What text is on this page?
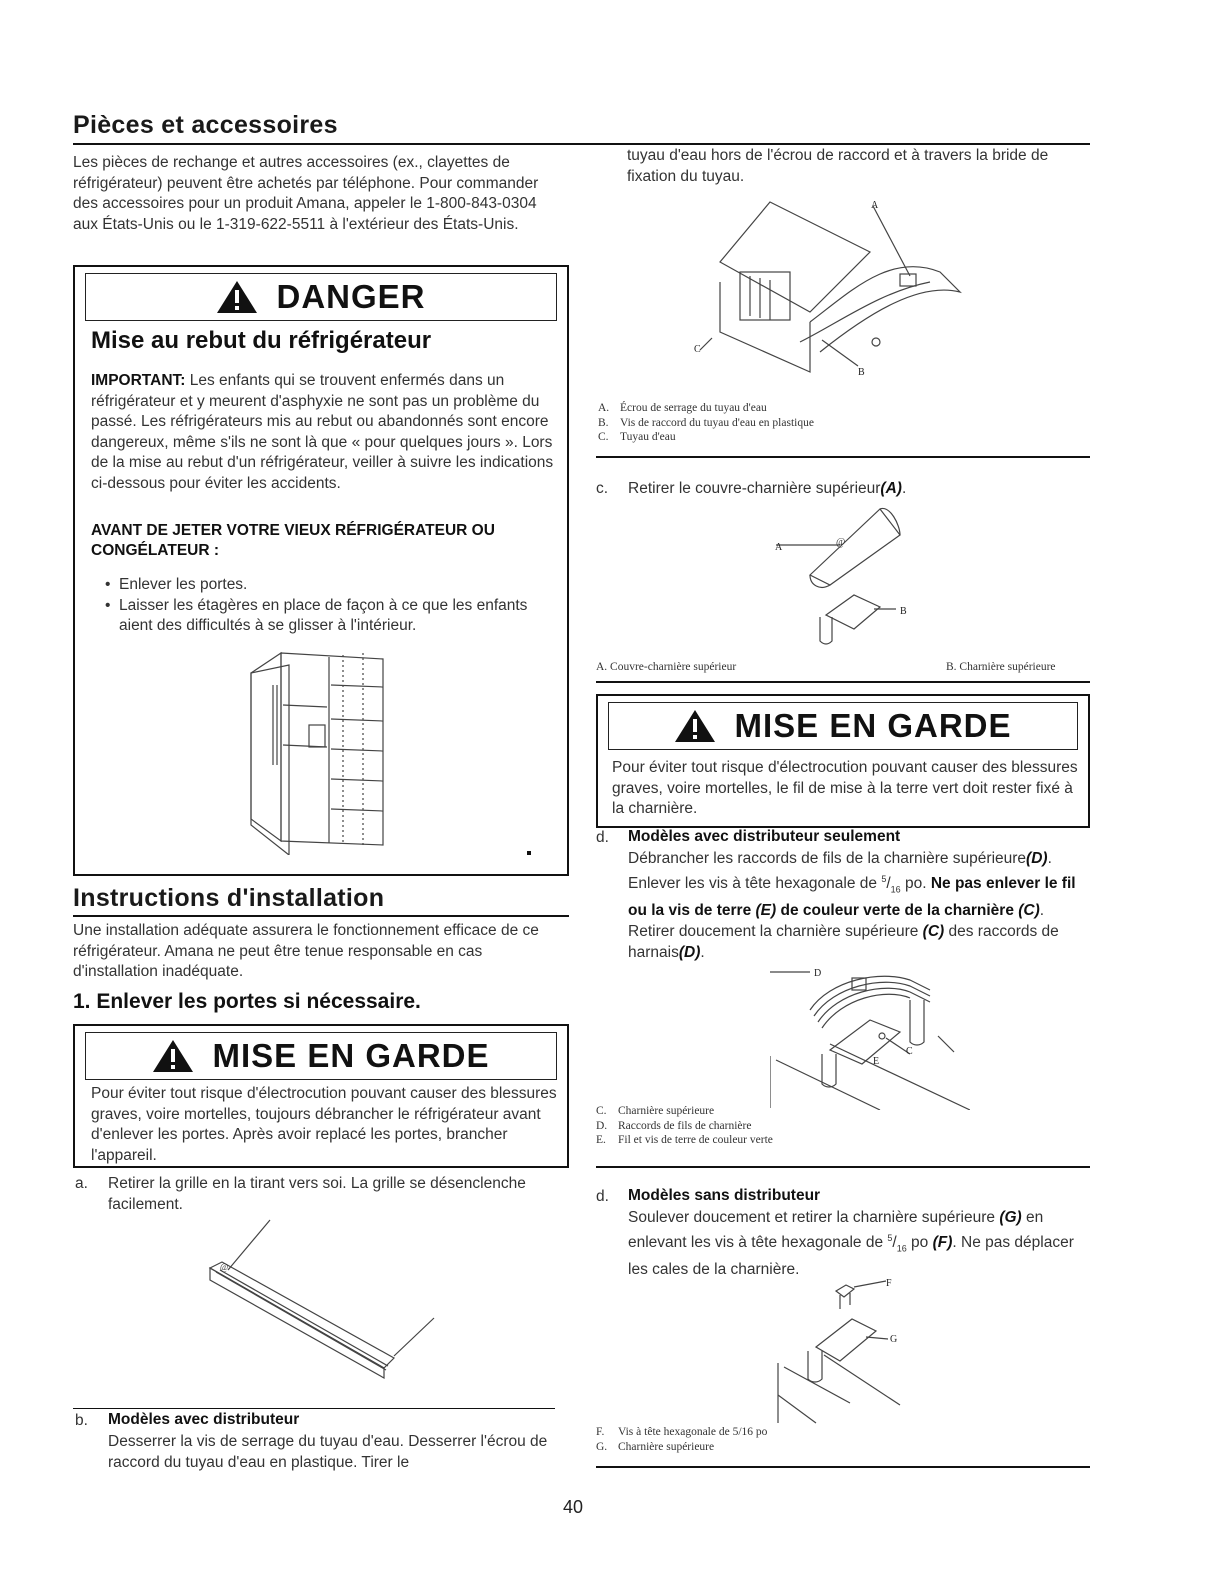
Pièces et accessoires
Les pièces de rechange et autres accessoires (ex., clayettes de réfrigérateur) peuvent être achetés par téléphone. Pour commander des accessoires pour un produit Amana, appeler le 1-800-843-0304 aux États-Unis ou le 1-319-622-5511 à l'extérieur des États-Unis.
DANGER
Mise au rebut du réfrigérateur
IMPORTANT: Les enfants qui se trouvent enfermés dans un réfrigérateur et y meurent d'asphyxie ne sont pas un problème du passé. Les réfrigérateurs mis au rebut ou abandonnés sont encore dangereux, même s'ils ne sont là que « pour quelques jours ». Lors de la mise au rebut d'un réfrigérateur, veiller à suivre les indications ci-dessous pour éviter les accidents.
AVANT DE JETER VOTRE VIEUX RÉFRIGÉRATEUR OU CONGÉLATEUR :
• Enlever les portes.
• Laisser les étagères en place de façon à ce que les enfants aient des difficultés à se glisser à l'intérieur.
Instructions d'installation
Une installation adéquate assurera le fonctionnement efficace de ce réfrigérateur. Amana ne peut être tenue responsable en cas d'installation inadéquate.
1. Enlever les portes si nécessaire.
MISE EN GARDE
Pour éviter tout risque d'électrocution pouvant causer des blessures graves, voire mortelles, toujours débrancher le réfrigérateur avant d'enlever les portes. Après avoir replacé les portes, brancher l'appareil.
a. Retirer la grille en la tirant vers soi. La grille se désenclenche facilement.
@
b. Modèles avec distributeur
Desserrer la vis de serrage du tuyau d'eau. Desserrer l'écrou de raccord du tuyau d'eau en plastique. Tirer le
tuyau d'eau hors de l'écrou de raccord et à travers la bride de fixation du tuyau.
A
B
C
A. Écrou de serrage du tuyau d'eau
B. Vis de raccord du tuyau d'eau en plastique
C. Tuyau d'eau
c. Retirer le couvre-charnière supérieur(A).
@
A
B
A. Couvre-charnière supérieur	B. Charnière supérieure
MISE EN GARDE
Pour éviter tout risque d'électrocution pouvant causer des blessures graves, voire mortelles, le fil de mise à la terre vert doit rester fixé à la charnière.
d. Modèles avec distributeur seulement
Débrancher les raccords de fils de la charnière supérieure(D). Enlever les vis à tête hexagonale de $^5/_{16}$ po. Ne pas enlever le fil ou la vis de terre (E) de couleur verte de la charnière (C). Retirer doucement la charnière supérieure (C) des raccords de harnais(D).
D
E
C
C. Charnière supérieure
D. Raccords de fils de charnière
E.	Fil et vis de terre de couleur verte
d. Modèles sans distributeur
Soulever doucement et retirer la charnière supérieure (G) en enlevant les vis à tête hexagonale de $^5/_{16}$ po (F). Ne pas déplacer les cales de la charnière.
F
G
F.	Vis à tête hexagonale de 5/16 po
G. Charnière supérieure
40
